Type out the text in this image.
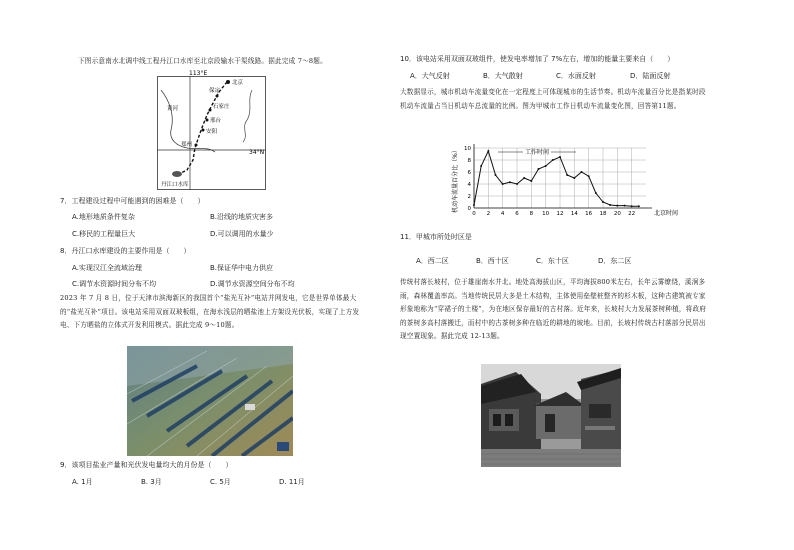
下图示意南水北调中线工程丹江口水库至北京段输水干渠线路。据此完成 7～8题。
113°E
34°N
北京
保定
石家庄
邢台
安阳
郑州
黄河
丹江口水库
7．工程建设过程中可能遇到的困难是（　　）
A.地形地质条件复杂	B.沿线的地质灾害多
C.移民的工程量巨大	D.可以调用的水量少
8．丹江口水库建设的主要作用是（　　）
A.实现汉江全流域治理	B.保证华中电力供应
C.调节水资源时间分布不均	D.调节水资源空间分布不均
2023 年 7 月 8 日，位于天津市滨海新区的我国首个“盐光互补”电站并网发电，它是世界单体最大的“盐光互补”项目。该电站采用双面双玻板组，在海水浅层的晒盐池上方架设光伏板，实现了上方发电、下方晒盐的立体式开发利用模式。据此完成 9～10题。
9．该项目盐业产量和光伏发电量均大的月份是（　　）
A. 1月	B. 3月	C. 5月	D. 11月
10．该电站采用双面双玻组件，使发电率增加了 7%左右，增加的能量主要来自（　　）
A．大气反射	B．大气散射	C．水面反射	D．陆面反射
大数据显示，城市机动车流量变化在一定程度上可体现城市的生活节奏。机动车流量百分比是指某时段机动车流量占当日机动车总流量的比例。图为甲城市工作日机动车流量变化图，回答第11题。
0 2 4 6 8 10 12 14 16 18 20 22
0
2
4
6
8
10
机动车流量百分比（%）
北京时间
工作时间
11．甲城市所处时区是
A．西二区	B．西十区	C．东十区	D．东二区
传统村落长坡村，位于雄崖南水井北。地处高海拔山区，平均海拔800米左右，长年云雾缭绕，溪涧多雨，森林覆盖率高。当地传统民居大多是土木结构，主体使用垒壁桩整齐的杉木板，这种古建筑被专家形象地称为“穿裙子的土楼”，为在地区保存最好的古村落。近年来，长坡村大力发展茶树种植，将政府的茶树多高村落搬迁，而村中的古茶树多种在临近的耕地的坡地。目前，长坡村传统古村落部分民居出现空置现象。据此完成 12-13题。
